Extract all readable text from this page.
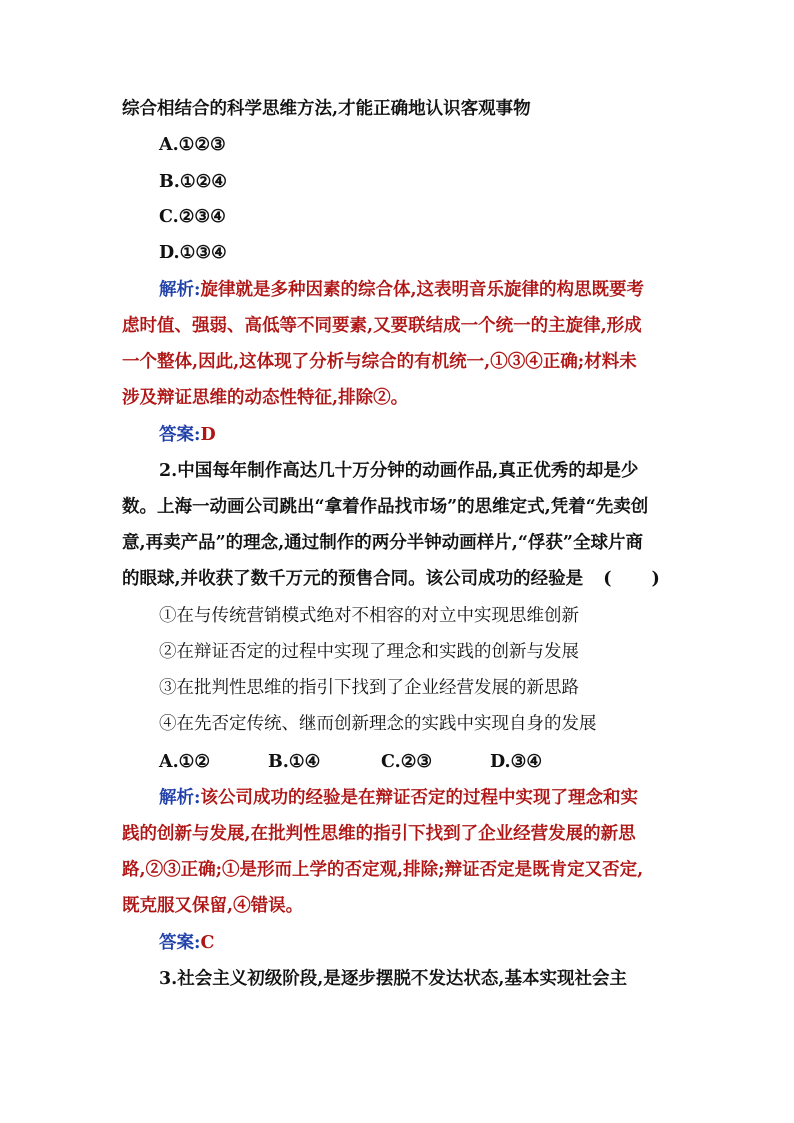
综合相结合的科学思维方法,才能正确地认识客观事物
A.①②③
B.①②④
C.②③④
D.①③④
解析:旋律就是多种因素的综合体,这表明音乐旋律的构思既要考
虑时值、强弱、高低等不同要素,又要联结成一个统一的主旋律,形成
一个整体,因此,这体现了分析与综合的有机统一,①③④正确;材料未
涉及辩证思维的动态性特征,排除②。
答案:D
2.中国每年制作高达几十万分钟的动画作品,真正优秀的却是少
数。上海一动画公司跳出“拿着作品找市场”的思维定式,凭着“先卖创
意,再卖产品”的理念,通过制作的两分半钟动画样片,“俘获”全球片商
的眼球,并收获了数千万元的预售合同。该公司成功的经验是 ( )
①在与传统营销模式绝对不相容的对立中实现思维创新
②在辩证否定的过程中实现了理念和实践的创新与发展
③在批判性思维的指引下找到了企业经营发展的新思路
④在先否定传统、继而创新理念的实践中实现自身的发展
A.①②	B.①④	C.②③	D.③④
解析:该公司成功的经验是在辩证否定的过程中实现了理念和实
践的创新与发展,在批判性思维的指引下找到了企业经营发展的新思
路,②③正确;①是形而上学的否定观,排除;辩证否定是既肯定又否定,
既克服又保留,④错误。
答案:C
3.社会主义初级阶段,是逐步摆脱不发达状态,基本实现社会主
